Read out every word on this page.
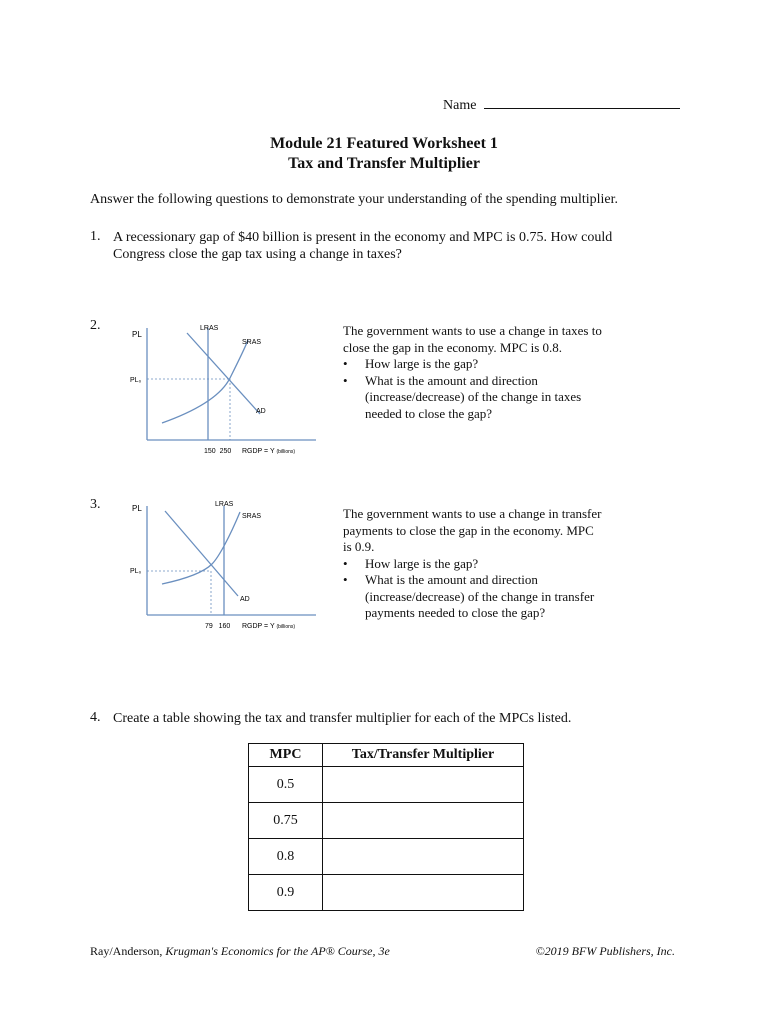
Name
Module 21 Featured Worksheet 1
Tax and Transfer Multiplier
Answer the following questions to demonstrate your understanding of the spending multiplier.
1. A recessionary gap of $40 billion is present in the economy and MPC is 0.75. How could
Congress close the gap tax using a change in taxes?
2.
PL
PL₀
LRAS
SRAS
AD
150  250 RGDP = Y (billions)
The government wants to use a change in taxes to
close the gap in the economy. MPC is 0.8.
• How large is the gap?
• What is the amount and direction
(increase/decrease) of the change in taxes
needed to close the gap?
3.	PL
PL₀
LRAS
SRAS
AD
79   160 RGDP = Y (billions)
The government wants to use a change in transfer
payments to close the gap in the economy. MPC
is 0.9.
• How large is the gap?
• What is the amount and direction
(increase/decrease) of the change in transfer
payments needed to close the gap?
4. Create a table showing the tax and transfer multiplier for each of the MPCs listed.
MPC	Tax/Transfer Multiplier
0.5	
0.75	
0.8	
0.9	
Ray/Anderson, Krugman's Economics for the AP® Course, 3e	©2019 BFW Publishers, Inc.
